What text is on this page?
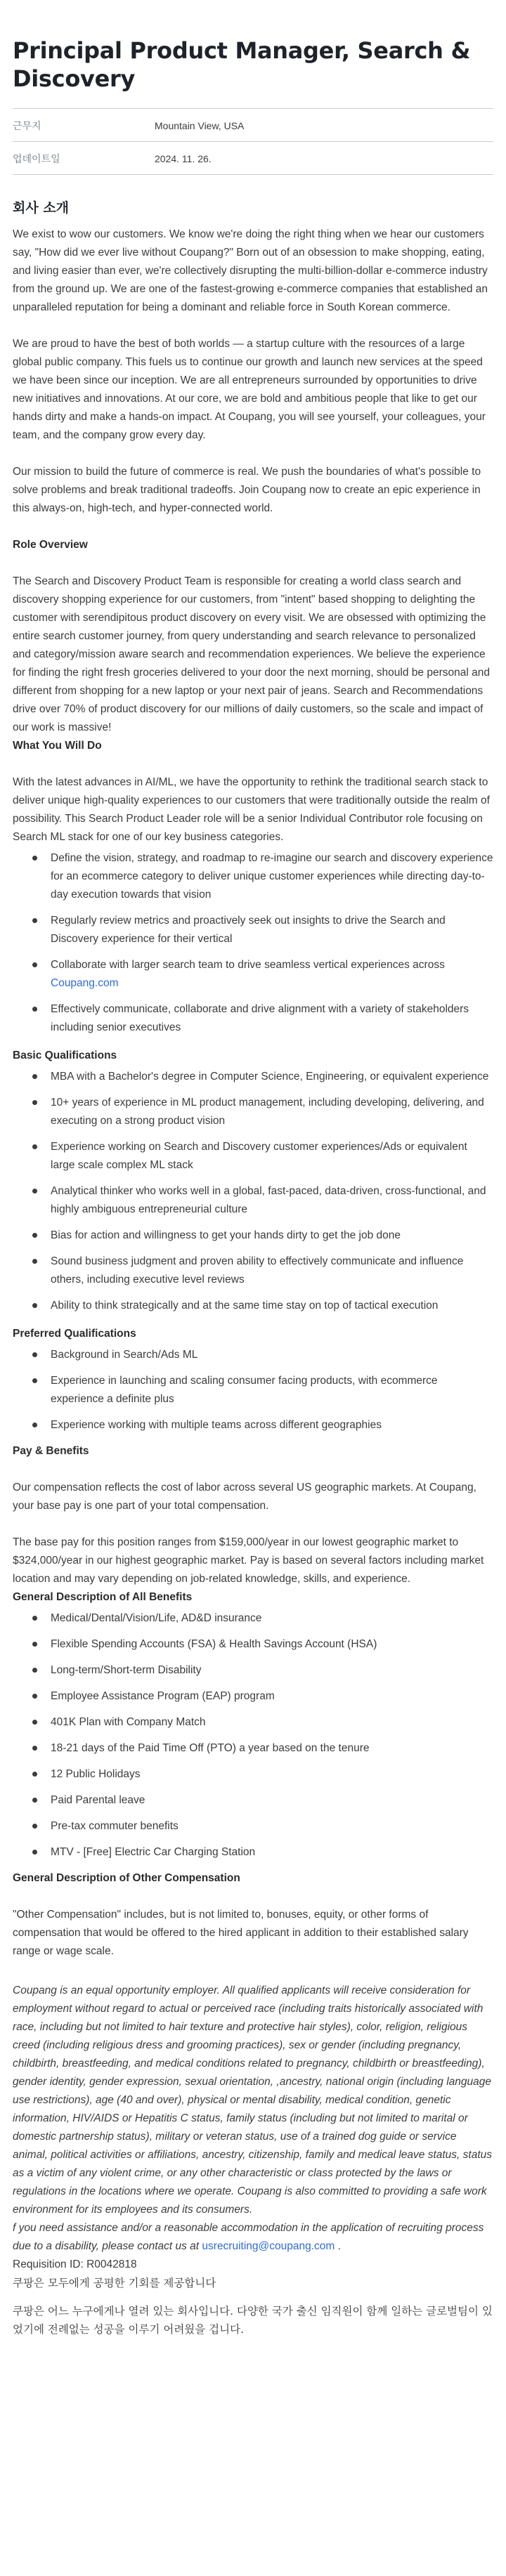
Principal Product Manager, Search & Discovery
근무지	Mountain View, USA
업데이트일	2024. 11. 26.
회사 소개

We exist to wow our customers. We know we're doing the right thing when we hear our customers say, "How did we ever live without Coupang?" Born out of an obsession to make shopping, eating, and living easier than ever, we're collectively disrupting the multi-billion-dollar e-commerce industry from the ground up. We are one of the fastest-growing e-commerce companies that established an unparalleled reputation for being a dominant and reliable force in South Korean commerce.

We are proud to have the best of both worlds — a startup culture with the resources of a large global public company. This fuels us to continue our growth and launch new services at the speed we have been since our inception. We are all entrepreneurs surrounded by opportunities to drive new initiatives and innovations. At our core, we are bold and ambitious people that like to get our hands dirty and make a hands-on impact. At Coupang, you will see yourself, your colleagues, your team, and the company grow every day.

Our mission to build the future of commerce is real. We push the boundaries of what's possible to solve problems and break traditional tradeoffs. Join Coupang now to create an epic experience in this always-on, high-tech, and hyper-connected world.

Role Overview

The Search and Discovery Product Team is responsible for creating a world class search and discovery shopping experience for our customers, from "intent" based shopping to delighting the customer with serendipitous product discovery on every visit. We are obsessed with optimizing the entire search customer journey, from query understanding and search relevance to personalized and category/mission aware search and recommendation experiences. We believe the experience for finding the right fresh groceries delivered to your door the next morning, should be personal and different from shopping for a new laptop or your next pair of jeans. Search and Recommendations drive over 70% of product discovery for our millions of daily customers, so the scale and impact of our work is massive!

What You Will Do

With the latest advances in AI/ML, we have the opportunity to rethink the traditional search stack to deliver unique high-quality experiences to our customers that were traditionally outside the realm of possibility. This Search Product Leader role will be a senior Individual Contributor role focusing on Search ML stack for one of our key business categories.

Define the vision, strategy, and roadmap to re-imagine our search and discovery experience for an ecommerce category to deliver unique customer experiences while directing day-to-day execution towards that vision
Regularly review metrics and proactively seek out insights to drive the Search and Discovery experience for their vertical
Collaborate with larger search team to drive seamless vertical experiences across Coupang.com
Effectively communicate, collaborate and drive alignment with a variety of stakeholders including senior executives
Basic Qualifications
MBA with a Bachelor's degree in Computer Science, Engineering, or equivalent experience
10+ years of experience in ML product management, including developing, delivering, and executing on a strong product vision
Experience working on Search and Discovery customer experiences/Ads or equivalent large scale complex ML stack
Analytical thinker who works well in a global, fast-paced, data-driven, cross-functional, and highly ambiguous entrepreneurial culture
Bias for action and willingness to get your hands dirty to get the job done
Sound business judgment and proven ability to effectively communicate and influence others, including executive level reviews
Ability to think strategically and at the same time stay on top of tactical execution
Preferred Qualifications
Background in Search/Ads ML
Experience in launching and scaling consumer facing products, with ecommerce experience a definite plus
Experience working with multiple teams across different geographies
Pay & Benefits

Our compensation reflects the cost of labor across several US geographic markets. At Coupang, your base pay is one part of your total compensation.

The base pay for this position ranges from $159,000/year in our lowest geographic market to $324,000/year in our highest geographic market. Pay is based on several factors including market location and may vary depending on job-related knowledge, skills, and experience.

General Description of All Benefits
Medical/Dental/Vision/Life, AD&D insurance
Flexible Spending Accounts (FSA) & Health Savings Account (HSA)
Long-term/Short-term Disability
Employee Assistance Program (EAP) program
401K Plan with Company Match
18-21 days of the Paid Time Off (PTO) a year based on the tenure
12 Public Holidays
Paid Parental leave
Pre-tax commuter benefits
MTV - [Free] Electric Car Charging Station
General Description of Other Compensation

"Other Compensation" includes, but is not limited to, bonuses, equity, or other forms of compensation that would be offered to the hired applicant in addition to their established salary range or wage scale.

Coupang is an equal opportunity employer. All qualified applicants will receive consideration for employment without regard to actual or perceived race (including traits historically associated with race, including but not limited to hair texture and protective hair styles), color, religion, religious creed (including religious dress and grooming practices), sex or gender (including pregnancy, childbirth, breastfeeding, and medical conditions related to pregnancy, childbirth or breastfeeding), gender identity, gender expression, sexual orientation, ,ancestry, national origin (including language use restrictions), age (40 and over), physical or mental disability, medical condition, genetic information, HIV/AIDS or Hepatitis C status, family status (including but not limited to marital or domestic partnership status), military or veteran status, use of a trained dog guide or service animal, political activities or affiliations, ancestry, citizenship, family and medical leave status, status as a victim of any violent crime, or any other characteristic or class protected by the laws or regulations in the locations where we operate. Coupang is also committed to providing a safe work environment for its employees and its consumers.

f you need assistance and/or a reasonable accommodation in the application of recruiting process due to a disability, please contact us at usrecruiting@coupang.com .

Requisition ID: R0042818

쿠팡은 모두에게 공평한 기회를 제공합니다

쿠팡은 어느 누구에게나 열려 있는 회사입니다. 다양한 국가 출신 임직원이 함께 일하는 글로벌팀이 있었기에 전례없는 성공을 이루기 어려웠을 겁니다.
